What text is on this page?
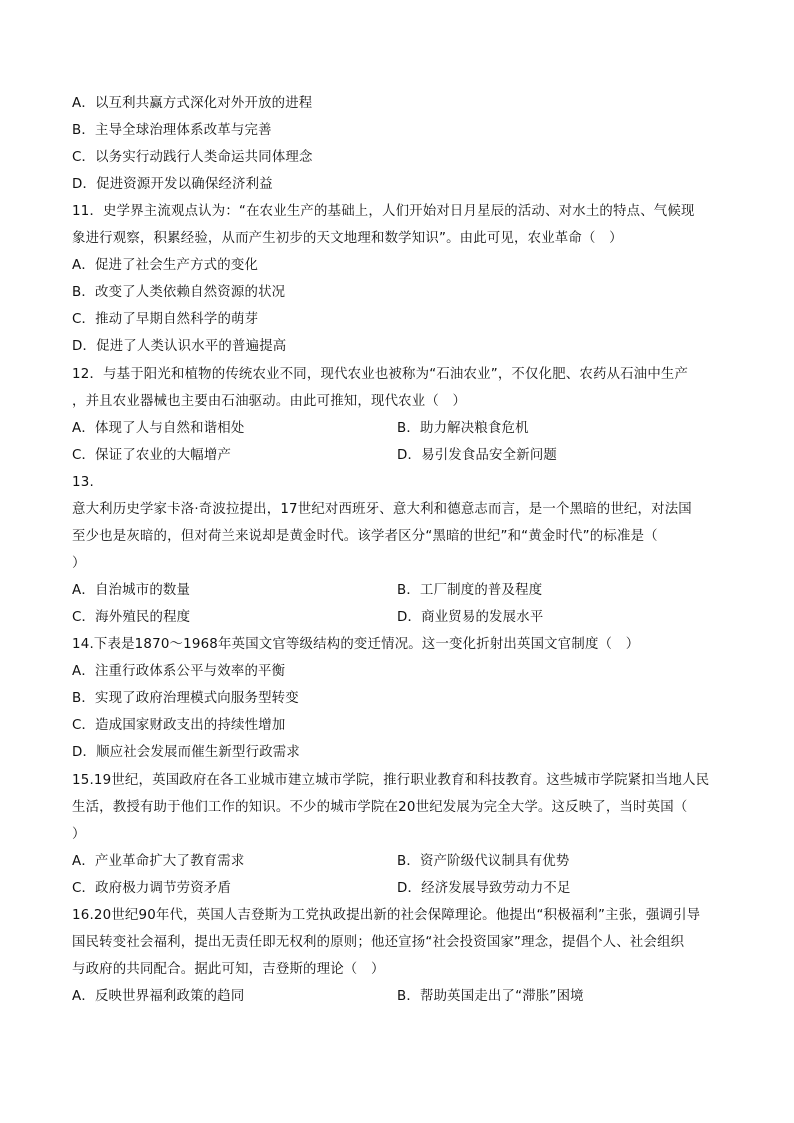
A．以互利共赢方式深化对外开放的进程
B．主导全球治理体系改革与完善
C．以务实行动践行人类命运共同体理念
D．促进资源开发以确保经济利益
11．史学界主流观点认为：“在农业生产的基础上，人们开始对日月星辰的活动、对水土的特点、气候现
象进行观察，积累经验，从而产生初步的天文地理和数学知识”。由此可见，农业革命（　）
A．促进了社会生产方式的变化
B．改变了人类依赖自然资源的状况
C．推动了早期自然科学的萌芽
D．促进了人类认识水平的普遍提高
12．与基于阳光和植物的传统农业不同，现代农业也被称为“石油农业”，不仅化肥、农药从石油中生产
，并且农业器械也主要由石油驱动。由此可推知，现代农业（　）
A．体现了人与自然和谐相处	B．助力解决粮食危机
C．保证了农业的大幅增产	D．易引发食品安全新问题
13.
意大利历史学家卡洛·奇波拉提出，17世纪对西班牙、意大利和德意志而言，是一个黑暗的世纪，对法国
至少也是灰暗的，但对荷兰来说却是黄金时代。该学者区分“黑暗的世纪”和“黄金时代”的标准是（
）
A．自治城市的数量	B．工厂制度的普及程度
C．海外殖民的程度	D．商业贸易的发展水平
14.下表是1870～1968年英国文官等级结构的变迁情况。这一变化折射出英国文官制度（　）
A．注重行政体系公平与效率的平衡
B．实现了政府治理模式向服务型转变
C．造成国家财政支出的持续性增加
D．顺应社会发展而催生新型行政需求
15.19世纪，英国政府在各工业城市建立城市学院，推行职业教育和科技教育。这些城市学院紧扣当地人民
生活，教授有助于他们工作的知识。不少的城市学院在20世纪发展为完全大学。这反映了，当时英国（
）
A．产业革命扩大了教育需求	B．资产阶级代议制具有优势
C．政府极力调节劳资矛盾	D．经济发展导致劳动力不足
16.20世纪90年代，英国人吉登斯为工党执政提出新的社会保障理论。他提出“积极福利”主张，强调引导
国民转变社会福利，提出无责任即无权利的原则；他还宣扬“社会投资国家”理念，提倡个人、社会组织
与政府的共同配合。据此可知，吉登斯的理论（　）
A．反映世界福利政策的趋同	B．帮助英国走出了“滞胀”困境
